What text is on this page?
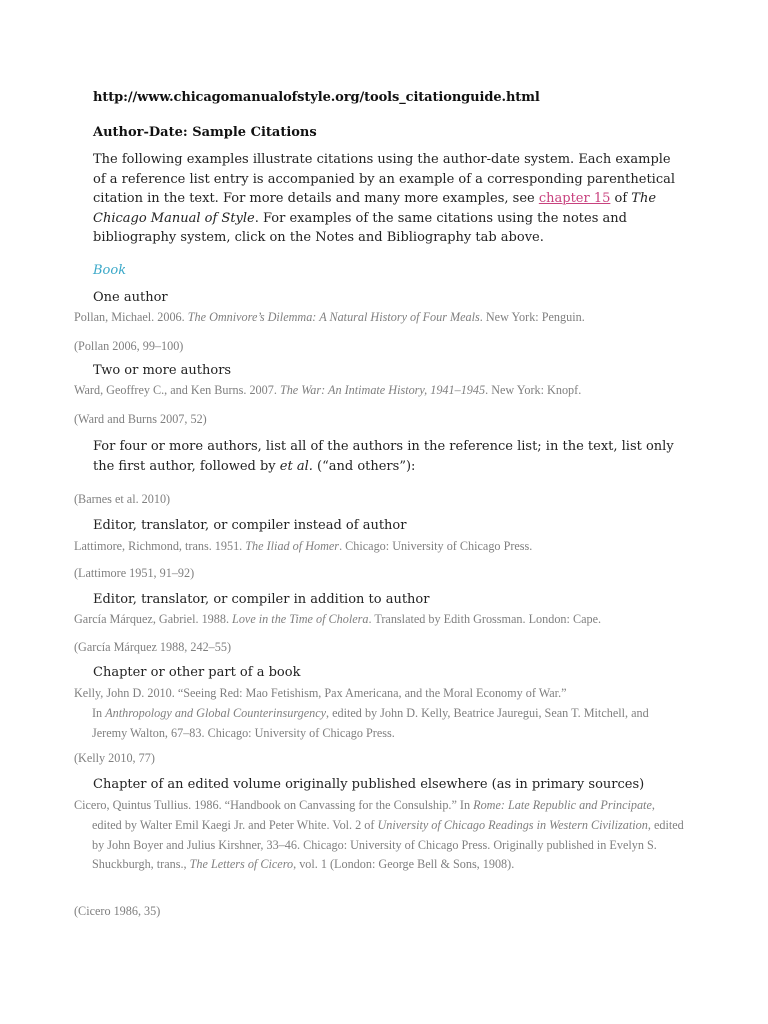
http://www.chicagomanualofstyle.org/tools_citationguide.html
Author-Date: Sample Citations
The following examples illustrate citations using the author-date system. Each example of a reference list entry is accompanied by an example of a corresponding parenthetical citation in the text. For more details and many more examples, see chapter 15 of The Chicago Manual of Style. For examples of the same citations using the notes and bibliography system, click on the Notes and Bibliography tab above.
Book
One author
Pollan, Michael. 2006. The Omnivore’s Dilemma: A Natural History of Four Meals. New York: Penguin.
(Pollan 2006, 99–100)
Two or more authors
Ward, Geoffrey C., and Ken Burns. 2007. The War: An Intimate History, 1941–1945. New York: Knopf.
(Ward and Burns 2007, 52)
For four or more authors, list all of the authors in the reference list; in the text, list only the first author, followed by et al. (“and others”):
(Barnes et al. 2010)
Editor, translator, or compiler instead of author
Lattimore, Richmond, trans. 1951. The Iliad of Homer. Chicago: University of Chicago Press.
(Lattimore 1951, 91–92)
Editor, translator, or compiler in addition to author
García Márquez, Gabriel. 1988. Love in the Time of Cholera. Translated by Edith Grossman. London: Cape.
(García Márquez 1988, 242–55)
Chapter or other part of a book
Kelly, John D. 2010. “Seeing Red: Mao Fetishism, Pax Americana, and the Moral Economy of War.”
In Anthropology and Global Counterinsurgency, edited by John D. Kelly, Beatrice Jauregui, Sean T. Mitchell, and Jeremy Walton, 67–83. Chicago: University of Chicago Press.
(Kelly 2010, 77)
Chapter of an edited volume originally published elsewhere (as in primary sources)
Cicero, Quintus Tullius. 1986. “Handbook on Canvassing for the Consulship.” In Rome: Late Republic and Principate, edited by Walter Emil Kaegi Jr. and Peter White. Vol. 2 of University of Chicago Readings in Western Civilization, edited by John Boyer and Julius Kirshner, 33–46. Chicago: University of Chicago Press. Originally published in Evelyn S. Shuckburgh, trans., The Letters of Cicero, vol. 1 (London: George Bell & Sons, 1908).
(Cicero 1986, 35)
